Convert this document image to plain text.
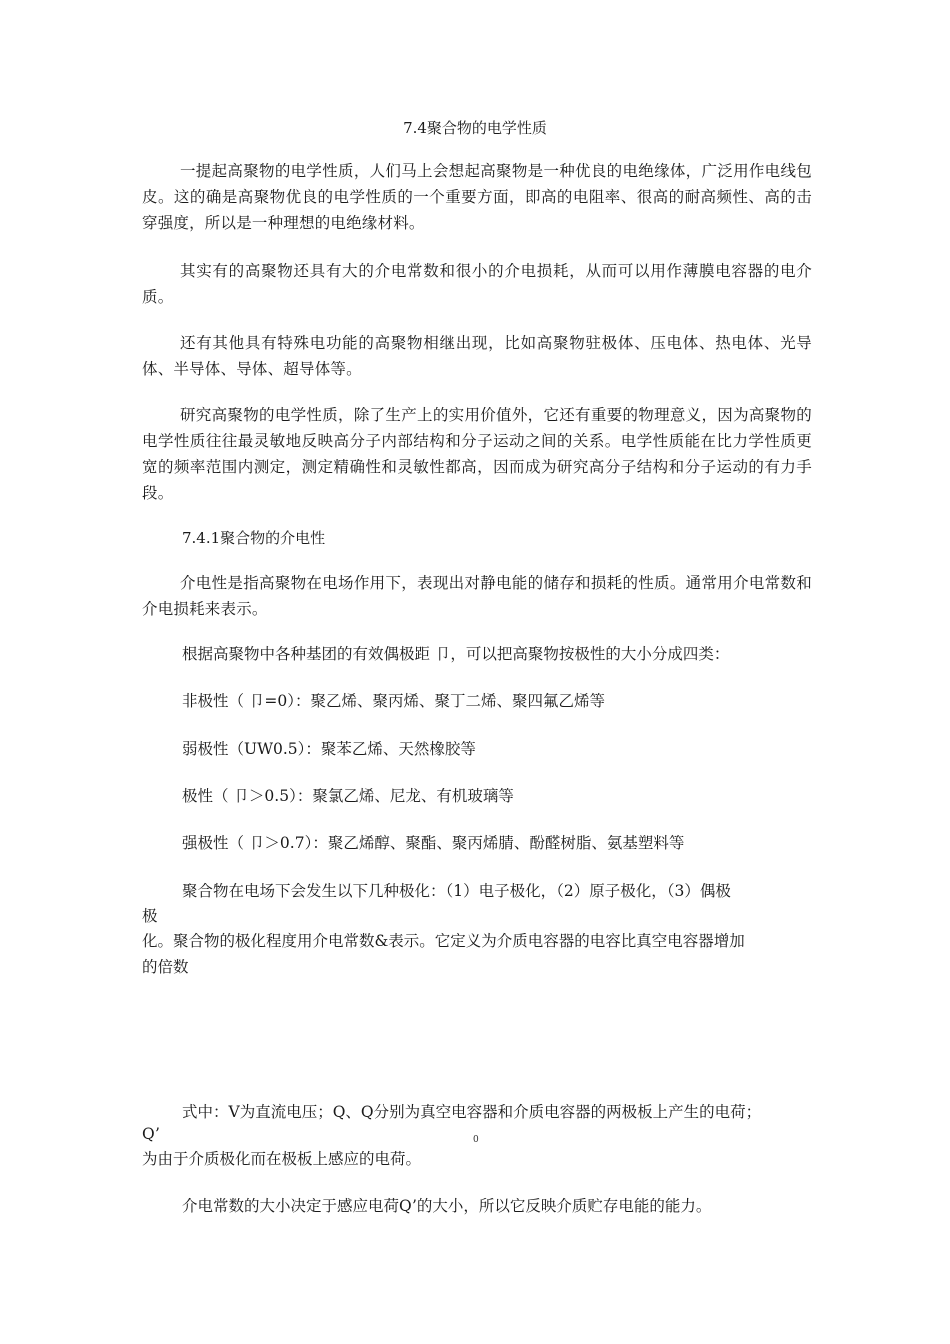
7.4聚合物的电学性质
一提起高聚物的电学性质，人们马上会想起高聚物是一种优良的电绝缘体，广泛用作电线包皮。这的确是高聚物优良的电学性质的一个重要方面，即高的电阻率、很高的耐高频性、高的击穿强度，所以是一种理想的电绝缘材料。
其实有的高聚物还具有大的介电常数和很小的介电损耗，从而可以用作薄膜电容器的电介质。
还有其他具有特殊电功能的高聚物相继出现，比如高聚物驻极体、压电体、热电体、光导体、半导体、导体、超导体等。
研究高聚物的电学性质，除了生产上的实用价值外，它还有重要的物理意义，因为高聚物的电学性质往往最灵敏地反映高分子内部结构和分子运动之间的关系。电学性质能在比力学性质更宽的频率范围内测定，测定精确性和灵敏性都高，因而成为研究高分子结构和分子运动的有力手段。
7.4.1聚合物的介电性
介电性是指高聚物在电场作用下，表现出对静电能的储存和损耗的性质。通常用介电常数和介电损耗来表示。
根据高聚物中各种基团的有效偶极距 卩，可以把高聚物按极性的大小分成四类：
非极性（ 卩=0）：聚乙烯、聚丙烯、聚丁二烯、聚四氟乙烯等
弱极性（UW0.5）：聚苯乙烯、天然橡胶等
极性（ 卩＞0.5）：聚氯乙烯、尼龙、有机玻璃等
强极性（ 卩＞0.7）：聚乙烯醇、聚酯、聚丙烯腈、酚醛树脂、氨基塑料等
聚合物在电场下会发生以下几种极化：（1）电子极化，（2）原子极化，（3）偶极
极
化。聚合物的极化程度用介电常数&表示。它定义为介质电容器的电容比真空电容器增加
的倍数
式中：V为直流电压；Q、Q分别为真空电容器和介质电容器的两极板上产生的电荷；
Q’	0
为由于介质极化而在极板上感应的电荷。
介电常数的大小决定于感应电荷Q’的大小，所以它反映介质贮存电能的能力。
